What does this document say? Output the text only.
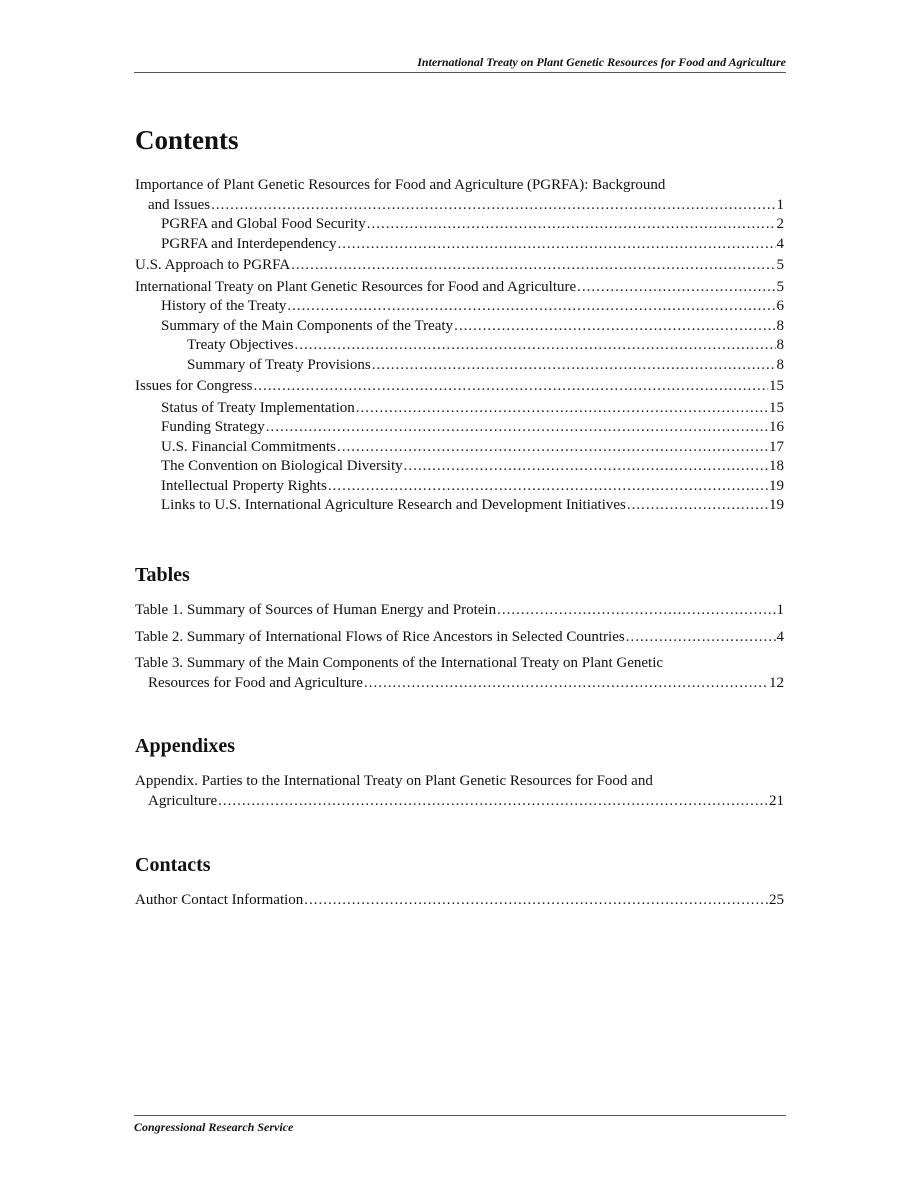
International Treaty on Plant Genetic Resources for Food and Agriculture
Contents
Importance of Plant Genetic Resources for Food and Agriculture (PGRFA): Background
and Issues .....	1
PGRFA and Global Food Security .....	2
PGRFA and Interdependency .....	4
U.S. Approach to PGRFA .....	5
International Treaty on Plant Genetic Resources for Food and Agriculture .....	5
History of the Treaty .....	6
Summary of the Main Components of the Treaty .....	8
Treaty Objectives .....	8
Summary of Treaty Provisions .....	8
Issues for Congress .....	15
Status of Treaty Implementation .....	15
Funding Strategy .....	16
U.S. Financial Commitments .....	17
The Convention on Biological Diversity .....	18
Intellectual Property Rights .....	19
Links to U.S. International Agriculture Research and Development Initiatives .....	19
Tables
Table 1. Summary of Sources of Human Energy and Protein .....	1
Table 2. Summary of International Flows of Rice Ancestors in Selected Countries .....	4
Table 3. Summary of the Main Components of the International Treaty on Plant Genetic
Resources for Food and Agriculture .....	12
Appendixes
Appendix. Parties to the International Treaty on Plant Genetic Resources for Food and
Agriculture .....	21
Contacts
Author Contact Information .....	25
Congressional Research Service
